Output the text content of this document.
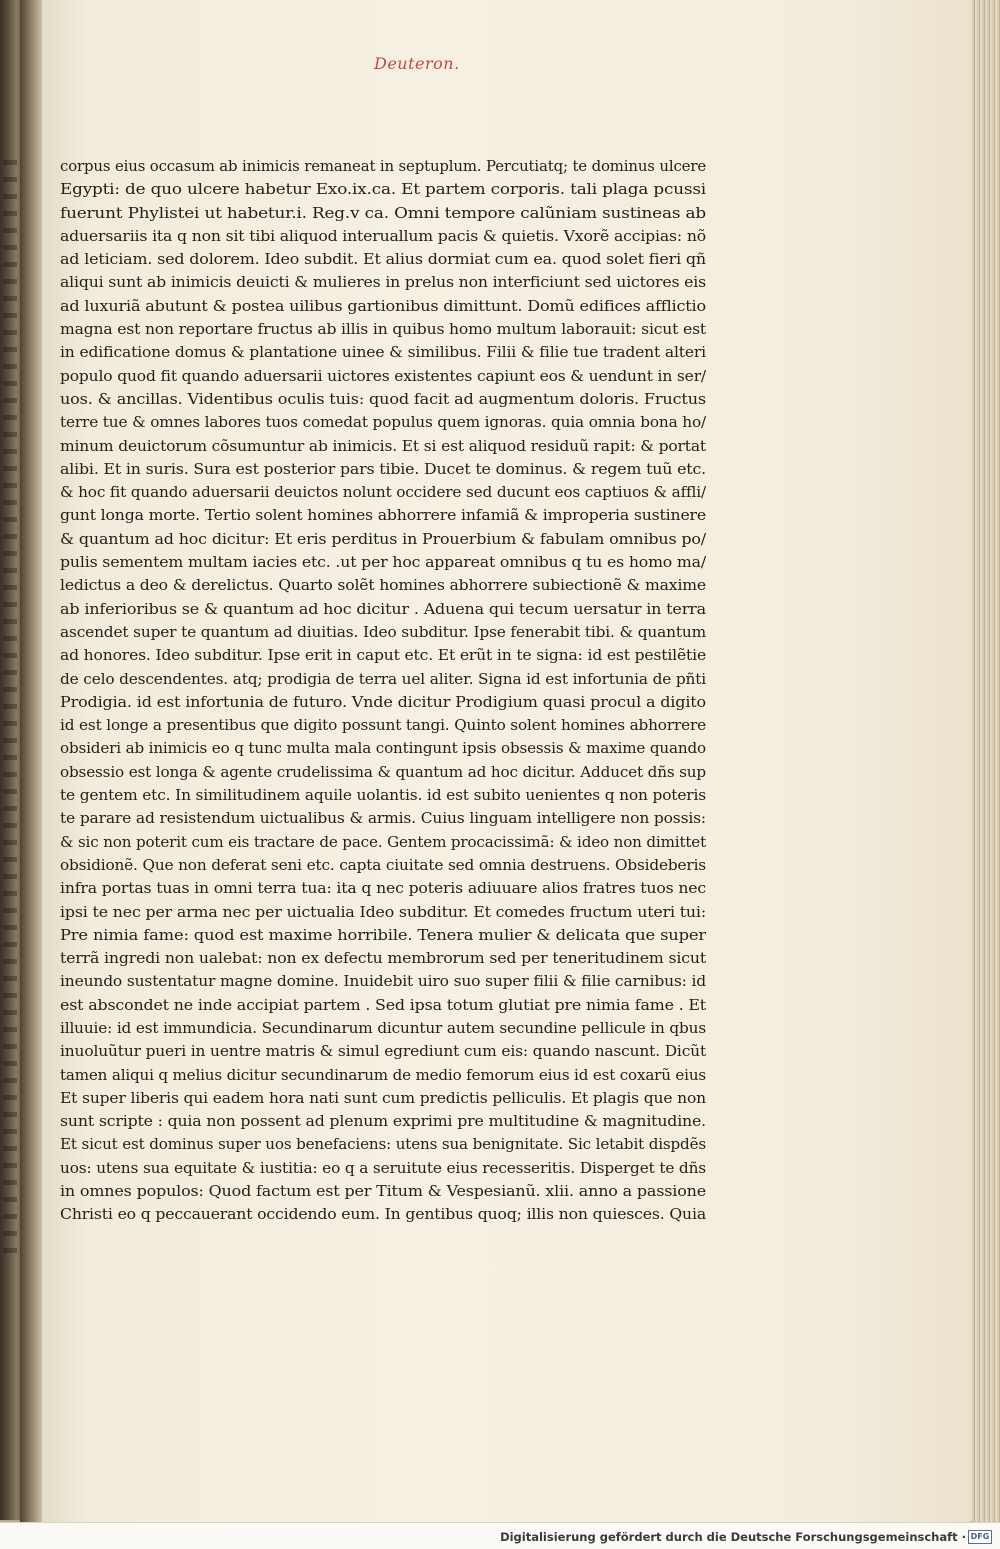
Deuteron.
corpus eius occasum ab inimicis remaneat in septuplum. Percutiatq; te dominus ulcere
Egypti: de quo ulcere habetur Exo.ix.ca. Et partem corporis. tali plaga pcussi
fuerunt Phylistei ut habetur.i. Reg.v ca. Omni tempore calũniam sustineas ab
aduersariis ita q non sit tibi aliquod interuallum pacis & quietis. Vxorẽ accipias: nõ
ad leticiam. sed dolorem. Ideo subdit. Et alius dormiat cum ea. quod solet fieri qñ
aliqui sunt ab inimicis deuicti & mulieres in prelus non interficiunt sed uictores eis
ad luxuriã abutunt & postea uilibus gartionibus dimittunt. Domũ edifices afflictio
magna est non reportare fructus ab illis in quibus homo multum laborauit: sicut est
in edificatione domus & plantatione uinee & similibus. Filii & filie tue tradent alteri
populo quod fit quando aduersarii uictores existentes capiunt eos & uendunt in ser/
uos. & ancillas. Videntibus oculis tuis: quod facit ad augmentum doloris. Fructus
terre tue & omnes labores tuos comedat populus quem ignoras. quia omnia bona ho/
minum deuictorum cõsumuntur ab inimicis. Et si est aliquod residuũ rapit: & portat
alibi. Et in suris. Sura est posterior pars tibie. Ducet te dominus. & regem tuũ etc.
& hoc fit quando aduersarii deuictos nolunt occidere sed ducunt eos captiuos & affli/
gunt longa morte. Tertio solent homines abhorrere infamiã & improperia sustinere
& quantum ad hoc dicitur: Et eris perditus in Prouerbium & fabulam omnibus po/
pulis sementem multam iacies etc. .ut per hoc appareat omnibus q tu es homo ma/
ledictus a deo & derelictus. Quarto solẽt homines abhorrere subiectionẽ & maxime
ab inferioribus se & quantum ad hoc dicitur . Aduena qui tecum uersatur in terra
ascendet super te quantum ad diuitias. Ideo subditur. Ipse fenerabit tibi. & quantum
ad honores. Ideo subditur. Ipse erit in caput etc. Et erũt in te signa: id est pestilẽtie
de celo descendentes. atq; prodigia de terra uel aliter. Signa id est infortunia de pñti
Prodigia. id est infortunia de futuro. Vnde dicitur Prodigium quasi procul a digito
id est longe a presentibus que digito possunt tangi. Quinto solent homines abhorrere
obsideri ab inimicis eo q tunc multa mala contingunt ipsis obsessis & maxime quando
obsessio est longa & agente crudelissima & quantum ad hoc dicitur. Adducet dñs sup
te gentem etc. In similitudinem aquile uolantis. id est subito uenientes q non poteris
te parare ad resistendum uictualibus & armis. Cuius linguam intelligere non possis:
& sic non poterit cum eis tractare de pace. Gentem procacissimã: & ideo non dimittet
obsidionẽ. Que non deferat seni etc. capta ciuitate sed omnia destruens. Obsideberis
infra portas tuas in omni terra tua: ita q nec poteris adiuuare alios fratres tuos nec
ipsi te nec per arma nec per uictualia Ideo subditur. Et comedes fructum uteri tui:
Pre nimia fame: quod est maxime horribile. Tenera mulier & delicata que super
terrã ingredi non ualebat: non ex defectu membrorum sed per teneritudinem sicut
ineundo sustentatur magne domine. Inuidebit uiro suo super filii & filie carnibus: id
est abscondet ne inde accipiat partem . Sed ipsa totum glutiat pre nimia fame . Et
illuuie: id est immundicia. Secundinarum dicuntur autem secundine pellicule in qbus
inuoluũtur pueri in uentre matris & simul egrediunt cum eis: quando nascunt. Dicũt
tamen aliqui q melius dicitur secundinarum de medio femorum eius id est coxarũ eius
Et super liberis qui eadem hora nati sunt cum predictis pelliculis. Et plagis que non
sunt scripte : quia non possent ad plenum exprimi pre multitudine & magnitudine.
Et sicut est dominus super uos benefaciens: utens sua benignitate. Sic letabit dispdẽs
uos: utens sua equitate & iustitia: eo q a seruitute eius recesseritis. Disperget te dñs
in omnes populos: Quod factum est per Titum & Vespesianũ. xlii. anno a passione
Christi eo q peccauerant occidendo eum. In gentibus quoq; illis non quiesces. Quia
Digitalisierung gefördert durch die Deutsche Forschungsgemeinschaft · DFG
